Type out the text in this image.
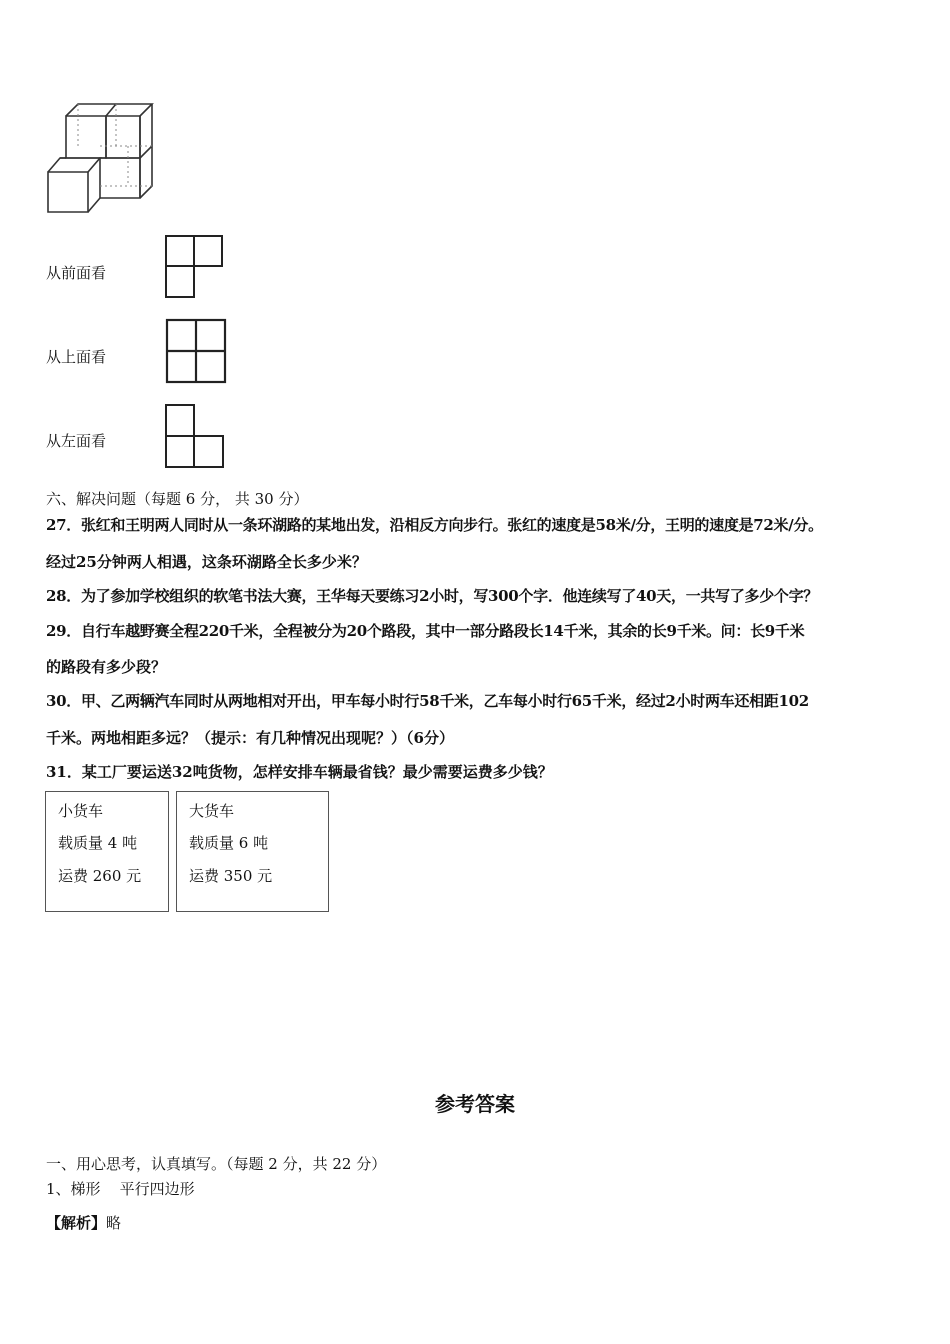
从前面看
从上面看
从左面看
六、解决问题（每题 6 分， 共 30 分）
27．张红和王明两人同时从一条环湖路的某地出发，沿相反方向步行。张红的速度是58米/分，王明的速度是72米/分。
经过25分钟两人相遇，这条环湖路全长多少米？
28．为了参加学校组织的软笔书法大赛，王华每天要练习2小时，写300个字．他连续写了40天，一共写了多少个字？
29．自行车越野赛全程220千米，全程被分为20个路段，其中一部分路段长14千米，其余的长9千米。问：长9千米
的路段有多少段？
30．甲、乙两辆汽车同时从两地相对开出，甲车每小时行58千米，乙车每小时行65千米，经过2小时两车还相距102
千米。两地相距多远？（提示：有几种情况出现呢？）（6分）
31．某工厂要运送32吨货物，怎样安排车辆最省钱？最少需要运费多少钱？
小货车
载质量 4 吨
运费 260 元
大货车
载质量 6 吨
运费 350 元
参考答案
一、用心思考，认真填写。（每题 2 分，共 22 分）
1、梯形    平行四边形
【解析】略
